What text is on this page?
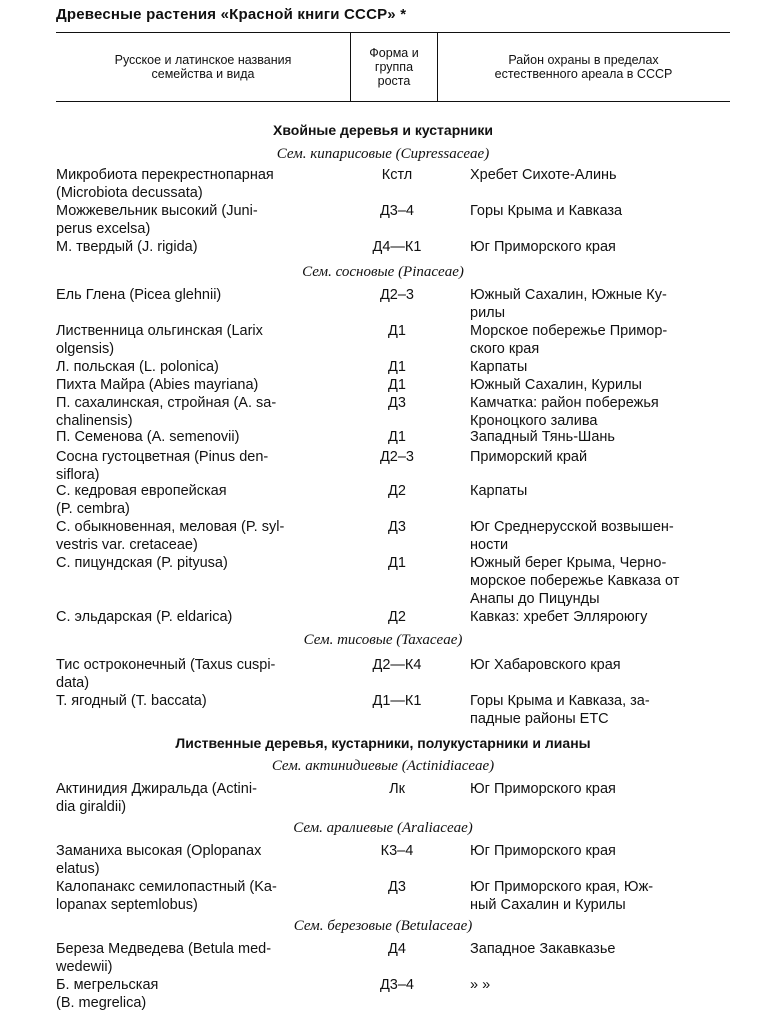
Древесные растения «Красной книги СССР» *
Русское и латинское названия
семейства и вида
Форма и
группа
роста
Район охраны в пределах
естественного ареала в СССР
Хвойные деревья и кустарники
Сем. кипарисовые (Cupressaceae)
Микробиота перекрестнопарная
(Microbiota decussata)
Кстл	Хребет Сихоте-Алинь
Можжевельник высокий (Juni-
perus excelsa)
Д3–4	Горы Крыма и Кавказа
М. твердый (J. rigida)	Д4—К1	Юг Приморского края
Сем. сосновые (Pinaceae)
Ель Глена (Picea glehnii)	Д2–3	Южный Сахалин, Южные Ку-
рилы
Лиственница ольгинская (Larix
olgensis)
Д1	Морское побережье Примор-
ского края
Л. польская (L. polonica)	Д1	Карпаты
Пихта Майра (Abies mayriana)	Д1	Южный Сахалин, Курилы
П. сахалинская, стройная (A. sa-
chalinensis)
Д3	Камчатка: район побережья
Кроноцкого залива
П. Семенова (A. semenovii)	Д1	Западный Тянь-Шань
Сосна густоцветная (Pinus den-
siflora)
Д2–3	Приморский край
С. кедровая европейская
(P. cembra)
Д2	Карпаты
С. обыкновенная, меловая (P. syl-
vestris var. cretaceae)
Д3	Юг Среднерусской возвышен-
ности
С. пицундская (P. pityusa)	Д1	Южный берег Крыма, Черно-
морское побережье Кавказа от
Анапы до Пицунды
С. эльдарская (P. eldarica)	Д2	Кавказ: хребет Элляроюгу
Сем. тисовые (Taxaceae)
Тис остроконечный (Taxus cuspi-
data)
Д2—К4	Юг Хабаровского края
Т. ягодный (T. baccata)	Д1—К1	Горы Крыма и Кавказа, за-
падные районы ЕТС
Лиственные деревья, кустарники, полукустарники и лианы
Сем. актинидиевые (Actinidiaceae)
Актинидия Джиральда (Actini-
dia giraldii)
Лк	Юг Приморского края
Сем. аралиевые (Araliaceae)
Заманиха высокая (Oplopanax
elatus)
К3–4	Юг Приморского края
Калопанакс семилопастный (Ka-
lopanax septemlobus)
Д3	Юг Приморского края, Юж-
ный Сахалин и Курилы
Сем. березовые (Betulaceae)
Береза Медведева (Betula med-
wedewii)
Д4	Западное Закавказье
Б. мегрельская
(B. megrelica)
Д3–4	» »
